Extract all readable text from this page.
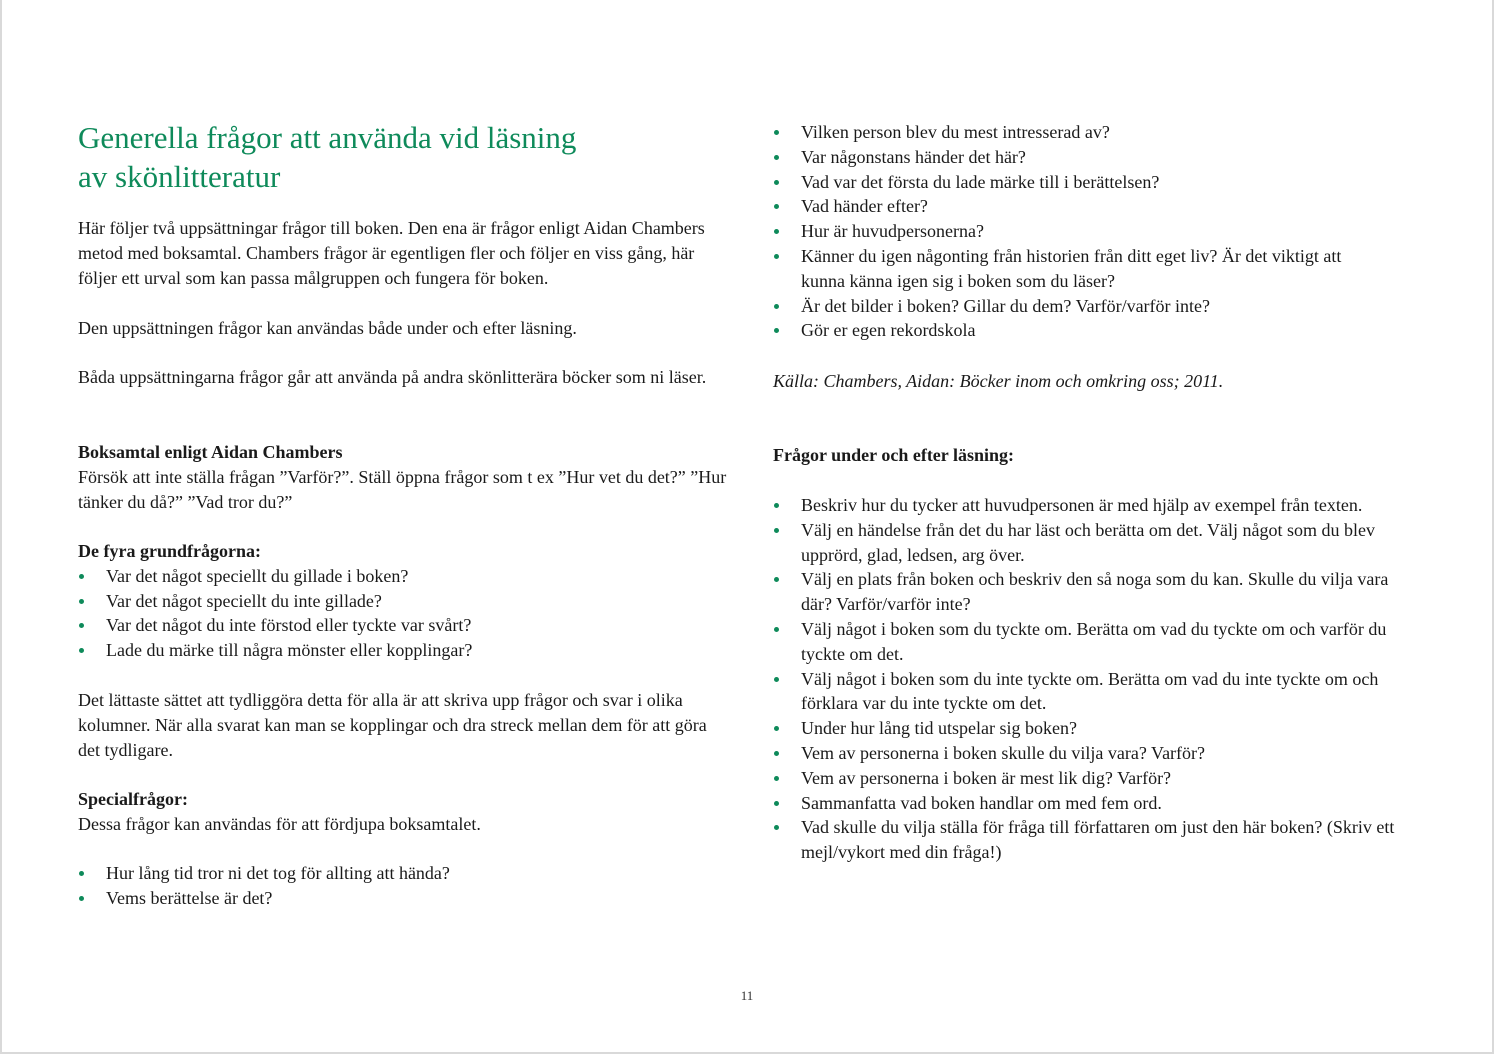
Generella frågor att använda vid läsning
av skönlitteratur

Här följer två uppsättningar frågor till boken. Den ena är frågor enligt Aidan Chambers metod med boksamtal. Chambers frågor är egentligen fler och följer en viss gång, här följer ett urval som kan passa målgruppen och fungera för boken.

Den uppsättningen frågor kan användas både under och efter läsning.

Båda uppsättningarna frågor går att använda på andra skönlitterära böcker som ni läser.

Boksamtal enligt Aidan Chambers

Försök att inte ställa frågan ”Varför?”. Ställ öppna frågor som t ex ”Hur vet du det?” ”Hur tänker du då?” ”Vad tror du?”

De fyra grundfrågorna:

Var det något speciellt du gillade i boken?
Var det något speciellt du inte gillade?
Var det något du inte förstod eller tyckte var svårt?
Lade du märke till några mönster eller kopplingar?

Det lättaste sättet att tydliggöra detta för alla är att skriva upp frågor och svar i olika kolumner. När alla svarat kan man se kopplingar och dra streck mellan dem för att göra det tydligare.

Specialfrågor:

Dessa frågor kan användas för att fördjupa boksamtalet.

Hur lång tid tror ni det tog för allting att hända?
Vems berättelse är det?
Vilken person blev du mest intresserad av?
Var någonstans händer det här?
Vad var det första du lade märke till i berättelsen?
Vad händer efter?
Hur är huvudpersonerna?
Känner du igen någonting från historien från ditt eget liv? Är det viktigt att kunna känna igen sig i boken som du läser?
Är det bilder i boken? Gillar du dem? Varför/varför inte?
Gör er egen rekordskola

Källa: Chambers, Aidan: Böcker inom och omkring oss; 2011.

Frågor under och efter läsning:

Beskriv hur du tycker att huvudpersonen är med hjälp av exempel från texten.
Välj en händelse från det du har läst och berätta om det. Välj något som du blev upprörd, glad, ledsen, arg över.
Välj en plats från boken och beskriv den så noga som du kan. Skulle du vilja vara där? Varför/varför inte?
Välj något i boken som du tyckte om. Berätta om vad du tyckte om och varför du tyckte om det.
Välj något i boken som du inte tyckte om. Berätta om vad du inte tyckte om och förklara var du inte tyckte om det.
Under hur lång tid utspelar sig boken?
Vem av personerna i boken skulle du vilja vara? Varför?
Vem av personerna i boken är mest lik dig? Varför?
Sammanfatta vad boken handlar om med fem ord.
Vad skulle du vilja ställa för fråga till författaren om just den här boken? (Skriv ett mejl/vykort med din fråga!)
11
